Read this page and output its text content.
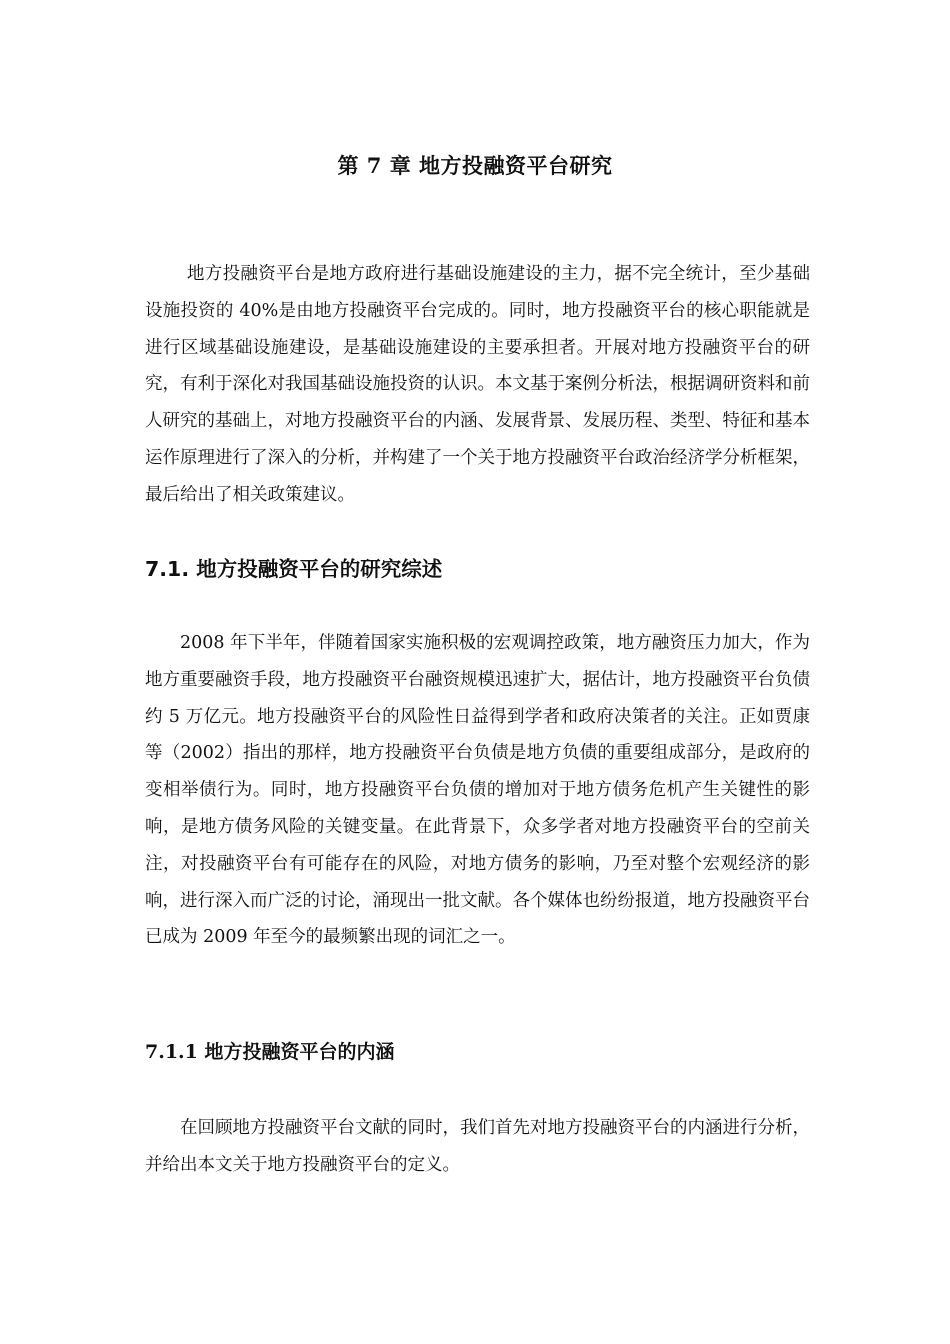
第 7 章 地方投融资平台研究

地方投融资平台是地方政府进行基础设施建设的主力，据不完全统计，至少基础设施投资的 40%是由地方投融资平台完成的。同时，地方投融资平台的核心职能就是进行区域基础设施建设，是基础设施建设的主要承担者。开展对地方投融资平台的研究，有利于深化对我国基础设施投资的认识。本文基于案例分析法，根据调研资料和前人研究的基础上，对地方投融资平台的内涵、发展背景、发展历程、类型、特征和基本运作原理进行了深入的分析，并构建了一个关于地方投融资平台政治经济学分析框架，最后给出了相关政策建议。

7.1. 地方投融资平台的研究综述

2008 年下半年，伴随着国家实施积极的宏观调控政策，地方融资压力加大，作为地方重要融资手段，地方投融资平台融资规模迅速扩大，据估计，地方投融资平台负债约 5 万亿元。地方投融资平台的风险性日益得到学者和政府决策者的关注。正如贾康等（2002）指出的那样，地方投融资平台负债是地方负债的重要组成部分，是政府的变相举债行为。同时，地方投融资平台负债的增加对于地方债务危机产生关键性的影响，是地方债务风险的关键变量。在此背景下，众多学者对地方投融资平台的空前关注，对投融资平台有可能存在的风险，对地方债务的影响，乃至对整个宏观经济的影响，进行深入而广泛的讨论，涌现出一批文献。各个媒体也纷纷报道，地方投融资平台已成为 2009 年至今的最频繁出现的词汇之一。

7.1.1 地方投融资平台的内涵

在回顾地方投融资平台文献的同时，我们首先对地方投融资平台的内涵进行分析，并给出本文关于地方投融资平台的定义。
